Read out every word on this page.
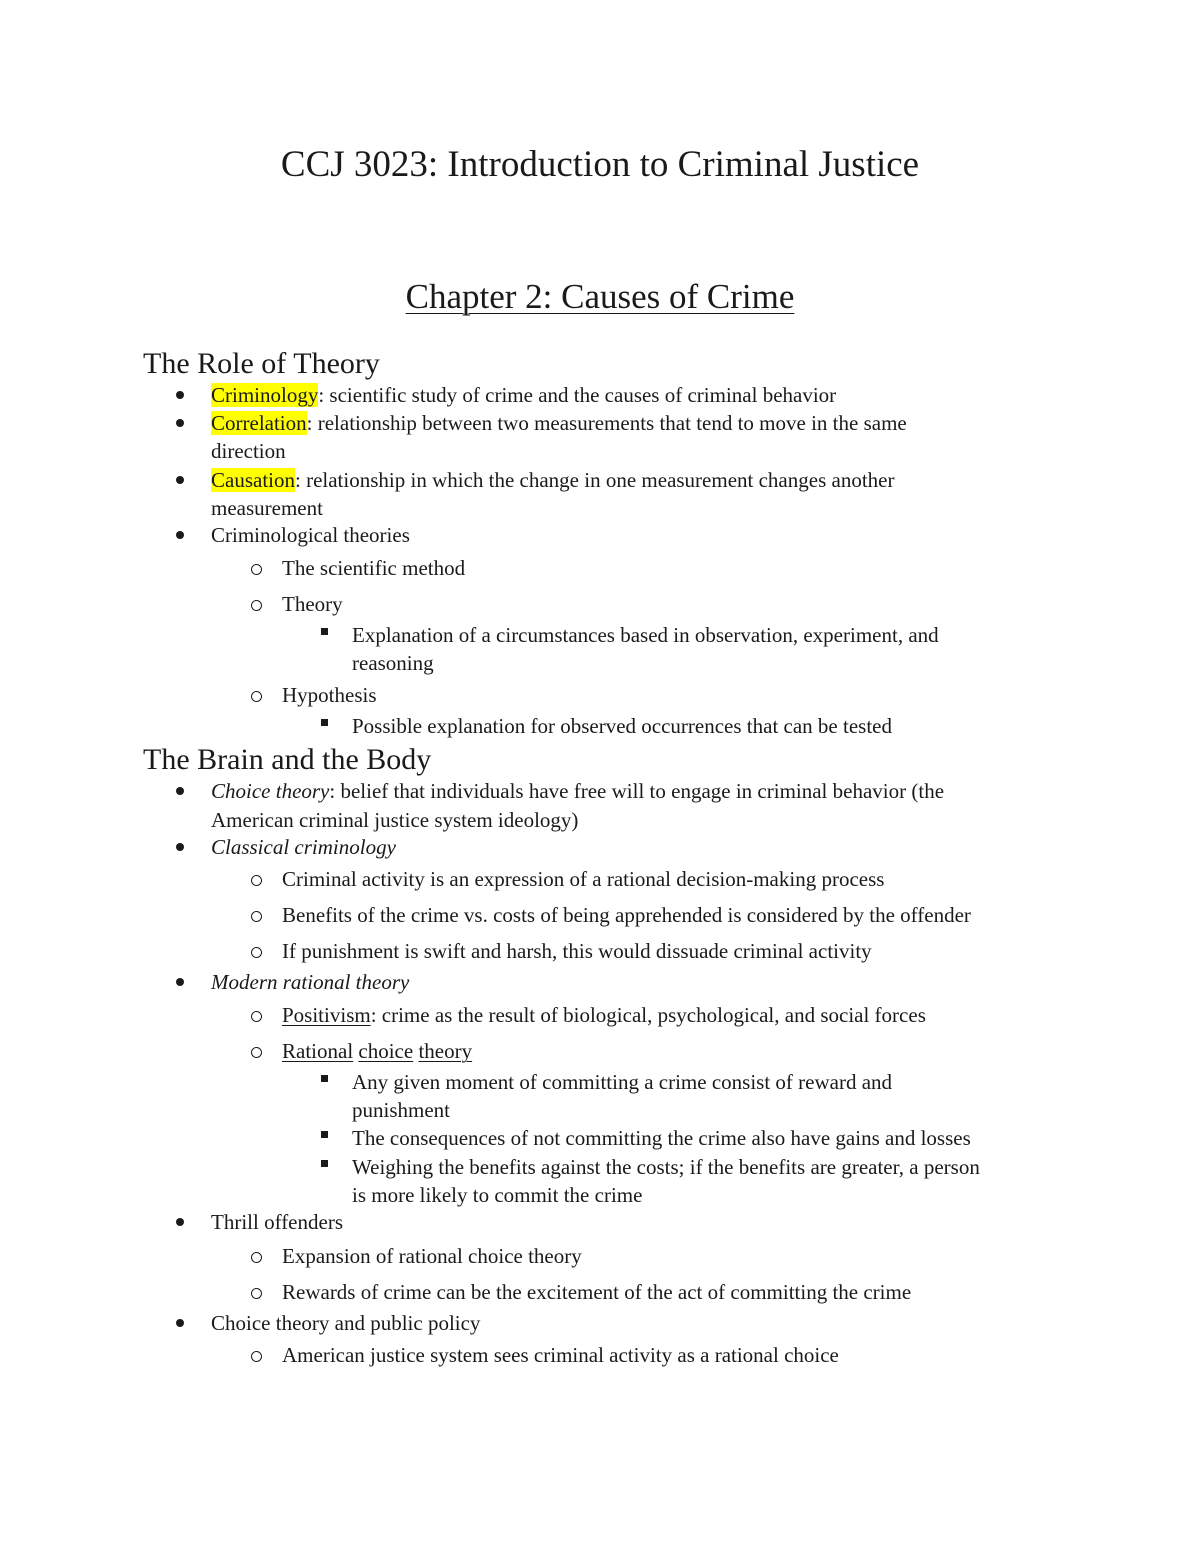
CCJ 3023: Introduction to Criminal Justice
Chapter 2: Causes of Crime
The Role of Theory
Criminology: scientific study of crime and the causes of criminal behavior
Correlation: relationship between two measurements that tend to move in the same
direction
Causation: relationship in which the change in one measurement changes another
measurement
Criminological theories
The scientific method
Theory
Explanation of a circumstances based in observation, experiment, and
reasoning
Hypothesis
Possible explanation for observed occurrences that can be tested
The Brain and the Body
Choice theory: belief that individuals have free will to engage in criminal behavior (the
American criminal justice system ideology)
Classical criminology
Criminal activity is an expression of a rational decision-making process
Benefits of the crime vs. costs of being apprehended is considered by the offender
If punishment is swift and harsh, this would dissuade criminal activity
Modern rational theory
Positivism: crime as the result of biological, psychological, and social forces
Rational choice theory
Any given moment of committing a crime consist of reward and
punishment
The consequences of not committing the crime also have gains and losses
Weighing the benefits against the costs; if the benefits are greater, a person
is more likely to commit the crime
Thrill offenders
Expansion of rational choice theory
Rewards of crime can be the excitement of the act of committing the crime
Choice theory and public policy
American justice system sees criminal activity as a rational choice
